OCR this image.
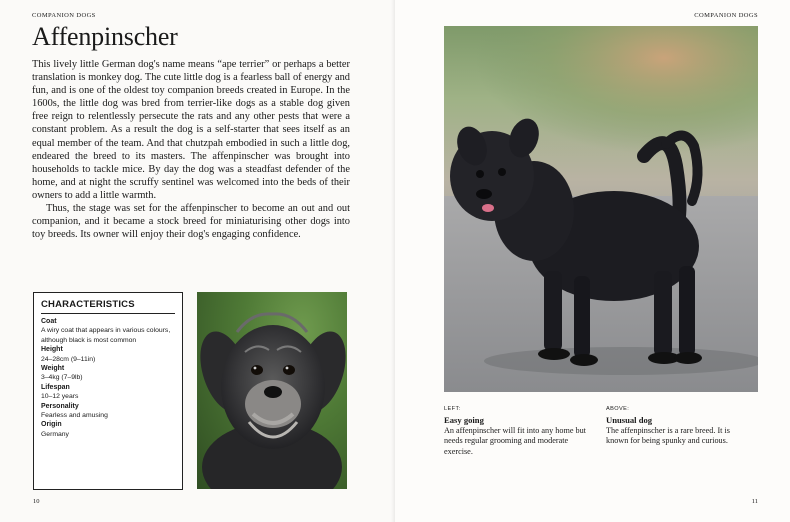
COMPANION DOGS
Affenpinscher

This lively little German dog's name means “ape terrier” or perhaps a better translation is monkey dog. The cute little dog is a fearless ball of energy and fun, and is one of the oldest toy companion breeds created in Europe. In the 1600s, the little dog was bred from terrier-like dogs as a stable dog given free reign to relentlessly persecute the rats and any other pests that were a constant problem. As a result the dog is a self-starter that sees itself as an equal member of the team. And that chutzpah embodied in such a little dog, endeared the breed to its masters. The affenpinscher was brought into households to tackle mice. By day the dog was a steadfast defender of the home, and at night the scruffy sentinel was welcomed into the beds of their owners to add a little warmth.

Thus, the stage was set for the affenpinscher to become an out and out companion, and it became a stock breed for miniaturising other dogs into toy breeds. Its owner will enjoy their dog's engaging confidence.

CHARACTERISTICS
Coat
A wiry coat that appears in various colours, although black is most common
Height
24–28cm (9–11in)
Weight
3–4kg (7–9lb)
Lifespan
10–12 years
Personality
Fearless and amusing
Origin
Germany
10
COMPANION DOGS
11
LEFT:
Easy going
An affenpinscher will fit into any home but needs regular grooming and moderate exercise.
ABOVE:
Unusual dog
The affenpinscher is a rare breed. It is known for being spunky and curious.
